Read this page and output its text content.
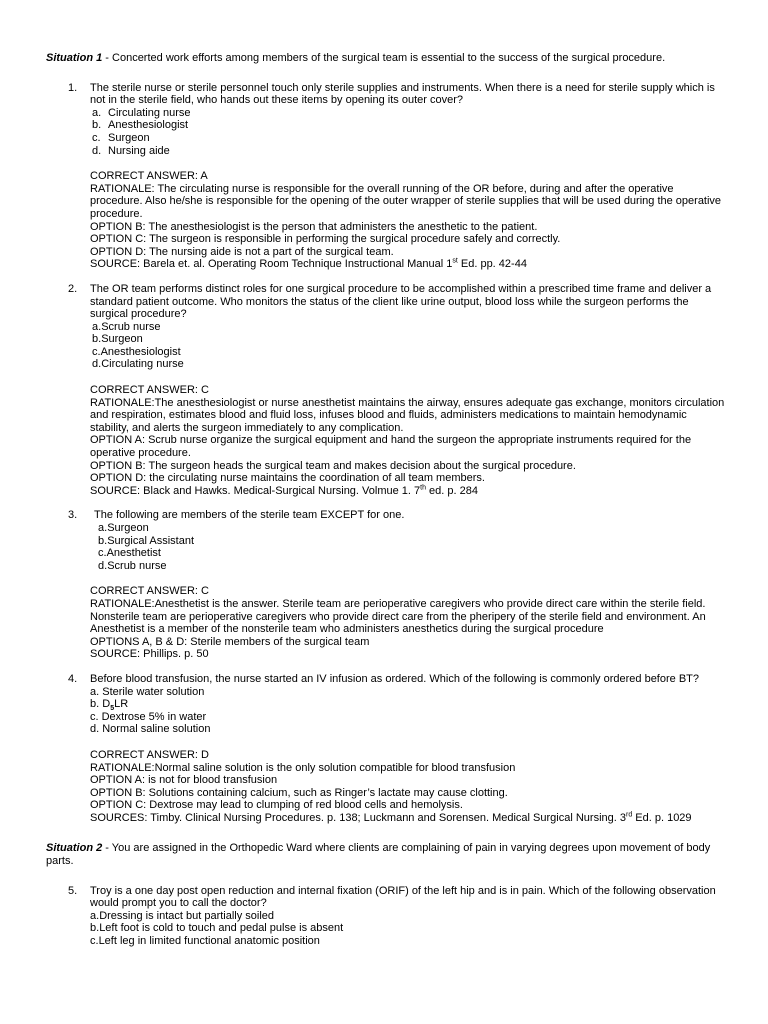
Situation 1 - Concerted work efforts among members of the surgical team is essential to the success of the surgical procedure.

1. The sterile nurse or sterile personnel touch only sterile supplies and instruments. When there is a need for sterile supply which is not in the sterile field, who hands out these items by opening its outer cover?

a. Circulating nurse
b. Anesthesiologist
c. Surgeon
d. Nursing aide

CORRECT ANSWER: A

RATIONALE: The circulating nurse is responsible for the overall running of the OR before, during and after the operative procedure. Also he/she is responsible for the opening of the outer wrapper of sterile supplies that will be used during the operative procedure.

OPTION B: The anesthesiologist is the person that administers the anesthetic to the patient.

OPTION C: The surgeon is responsible in performing the surgical procedure safely and correctly.

OPTION D: The nursing aide is not a part of the surgical team.

SOURCE: Barela et. al. Operating Room Technique Instructional Manual 1st Ed. pp. 42-44

2. The OR team performs distinct roles for one surgical procedure to be accomplished within a prescribed time frame and deliver a standard patient outcome. Who monitors the status of the client like urine output, blood loss while the surgeon performs the surgical procedure?

a.Scrub nurse
b.Surgeon
c.Anesthesiologist
d.Circulating nurse

CORRECT ANSWER: C

RATIONALE:The anesthesiologist or nurse anesthetist maintains the airway, ensures adequate gas exchange, monitors circulation and respiration, estimates blood and fluid loss, infuses blood and fluids, administers medications to maintain hemodynamic stability, and alerts the surgeon immediately to any complication.

OPTION A: Scrub nurse organize the surgical equipment and hand the surgeon the appropriate instruments required for the operative procedure.

OPTION B: The surgeon heads the surgical team and makes decision about the surgical procedure.

OPTION D: the circulating nurse maintains the coordination of all team members.

SOURCE: Black and Hawks. Medical-Surgical Nursing. Volmue 1. 7th ed. p. 284

3.	The following are members of the sterile team EXCEPT for one.

a.Surgeon
b.Surgical Assistant
c.Anesthetist
d.Scrub nurse

CORRECT ANSWER: C

RATIONALE:Anesthetist is the answer. Sterile team are perioperative caregivers who provide direct care within the sterile field. Nonsterile team are perioperative caregivers who provide direct care from the pheripery of the sterile field and environment. An Anesthetist is a member of the nonsterile team who administers anesthetics during the surgical procedure

OPTIONS A, B & D: Sterile members of the surgical team

SOURCE: Phillips. p. 50

4. Before blood transfusion, the nurse started an IV infusion as ordered. Which of the following is commonly ordered before BT?

a. Sterile water solution
b. $D_5LR$
c. Dextrose 5% in water
d. Normal saline solution

CORRECT ANSWER: D

RATIONALE:Normal saline solution is the only solution compatible for blood transfusion

OPTION A: is not for blood transfusion

OPTION B: Solutions containing calcium, such as Ringer’s lactate may cause clotting.

OPTION C: Dextrose may lead to clumping of red blood cells and hemolysis.

SOURCES: Timby. Clinical Nursing Procedures. p. 138; Luckmann and Sorensen. Medical Surgical Nursing. 3rd Ed. p. 1029

Situation 2 - You are assigned in the Orthopedic Ward where clients are complaining of pain in varying degrees upon movement of body parts.

5. Troy is a one day post open reduction and internal fixation (ORIF) of the left hip and is in pain. Which of the following observation would prompt you to call the doctor?

a.Dressing is intact but partially soiled
b.Left foot is cold to touch and pedal pulse is absent
c.Left leg in limited functional anatomic position
